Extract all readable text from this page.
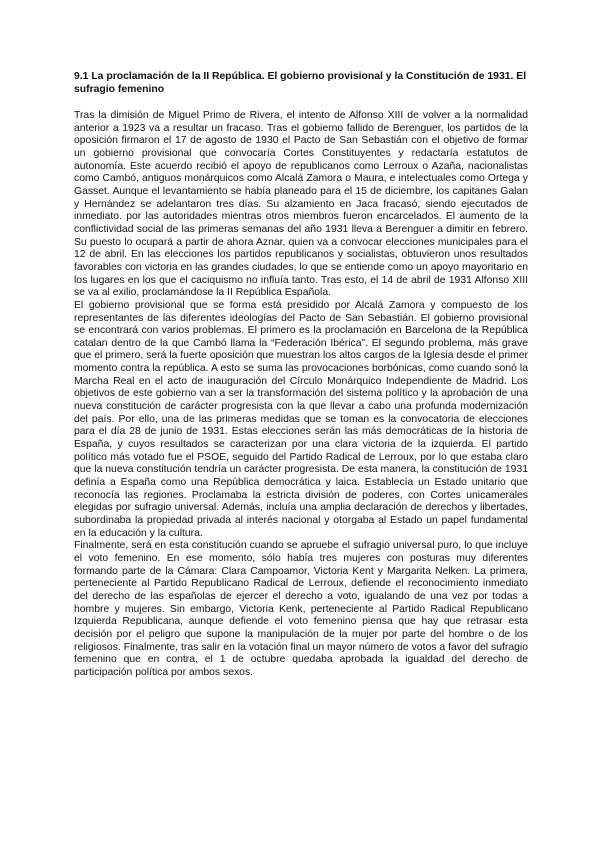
9.1 La proclamación de la II República. El gobierno provisional y la Constitución de 1931. El sufragio femenino

Tras la dimisión de Miguel Primo de Rivera, el intento de Alfonso XIII de volver a la normalidad anterior a 1923 va a resultar un fracaso. Tras el gobierno fallido de Berenguer, los partidos de la oposición firmaron el 17 de agosto de 1930 el Pacto de San Sebastián con el objetivo de formar un gobierno provisional que convocaría Cortes Constituyentes y redactaría estatutos de autonomía. Este acuerdo recibió el apoyo de republicanos como Lerroux o Azaña, nacionalistas como Cambó, antiguos monárquicos como Alcalá Zamora o Maura, e intelectuales como Ortega y Gasset. Aunque el levantamiento se había planeado para el 15 de diciembre, los capitanes Galan y Hernández se adelantaron tres días. Su alzamiento en Jaca fracasó, siendo ejecutados de inmediato. por las autoridades mientras otros miembros fueron encarcelados. El aumento de la conflictividad social de las primeras semanas del año 1931 lleva a Berenguer a dimitir en febrero. Su puesto lo ocupará a partir de ahora Aznar, quien va a convocar elecciones municipales para el 12 de abril. En las elecciones los partidos republicanos y socialistas, obtuvieron unos resultados favorables con victoria en las grandes ciudades, lo que se entiende como un apoyo mayoritario en los lugares en los que el caciquismo no influía tanto. Tras esto, el 14 de abril de 1931 Alfonso XIII se va al exilio, proclamándose la II República Española.

El gobierno provisional que se forma está presidido por Alcalá Zamora y compuesto de los representantes de las diferentes ideologías del Pacto de San Sebastián. El gobierno provisional se encontrará con varios problemas. El primero es la proclamación en Barcelona de la República catalan dentro de la que Cambó llama la “Federación Ibérica”. El segundo problema, más grave que el primero, será la fuerte oposición que muestran los altos cargos de la Iglesia desde el primer momento contra la república. A esto se suma las provocaciones borbónicas, como cuando sonó la Marcha Real en el acto de inauguración del Círculo Monárquico Independiente de Madrid. Los objetivos de este gobierno van a ser la transformación del sistema político y la aprobación de una nueva constitución de carácter progresista con la que llevar a cabo una profunda modernización del país. Por ello, una de las primeras medidas que se toman es la convocatoria de elecciones para el día 28 de junio de 1931. Estas elecciones serán las más democráticas de la historia de España, y cuyos resultados se caracterizan por una clara victoria de la izquierda. El partido político más votado fue el PSOE, seguido del Partido Radical de Lerroux, por lo que estaba claro que la nueva constitución tendría un carácter progresista. De esta manera, la constitución de 1931 definía a España como una República democrática y laica. Establecía un Estado unitario que reconocía las regiones. Proclamaba la estricta división de poderes, con Cortes unicamerales elegidas por sufragio universal. Además, incluía una amplia declaración de derechos y libertades, subordinaba la propiedad privada al interés nacional y otorgaba al Estado un papel fundamental en la educación y la cultura.

Finalmente, será en esta constitución cuando se apruebe el sufragio universal puro, lo que incluye el voto femenino. En ese momento, sólo había tres mujeres con posturas muy diferentes formando parte de la Cámara: Clara Campoamor, Victoria Kent y Margarita Nelken. La primera, perteneciente al Partido Republicano Radical de Lerroux, defiende el reconocimiento inmediato del derecho de las españolas de ejercer el derecho a voto, igualando de una vez por todas a hombre y mujeres. Sin embargo, Victoria Kenk, perteneciente al Partido Radical Republicano Izquierda Republicana, aunque defiende el voto femenino piensa que hay que retrasar esta decisión por el peligro que supone la manipulación de la mujer por parte del hombre o de los religiosos. Finalmente, tras salir en la votación final un mayor número de votos a favor del sufragio femenino que en contra, el 1 de octubre quedaba aprobada la igualdad del derecho de participación política por ambos sexos.
